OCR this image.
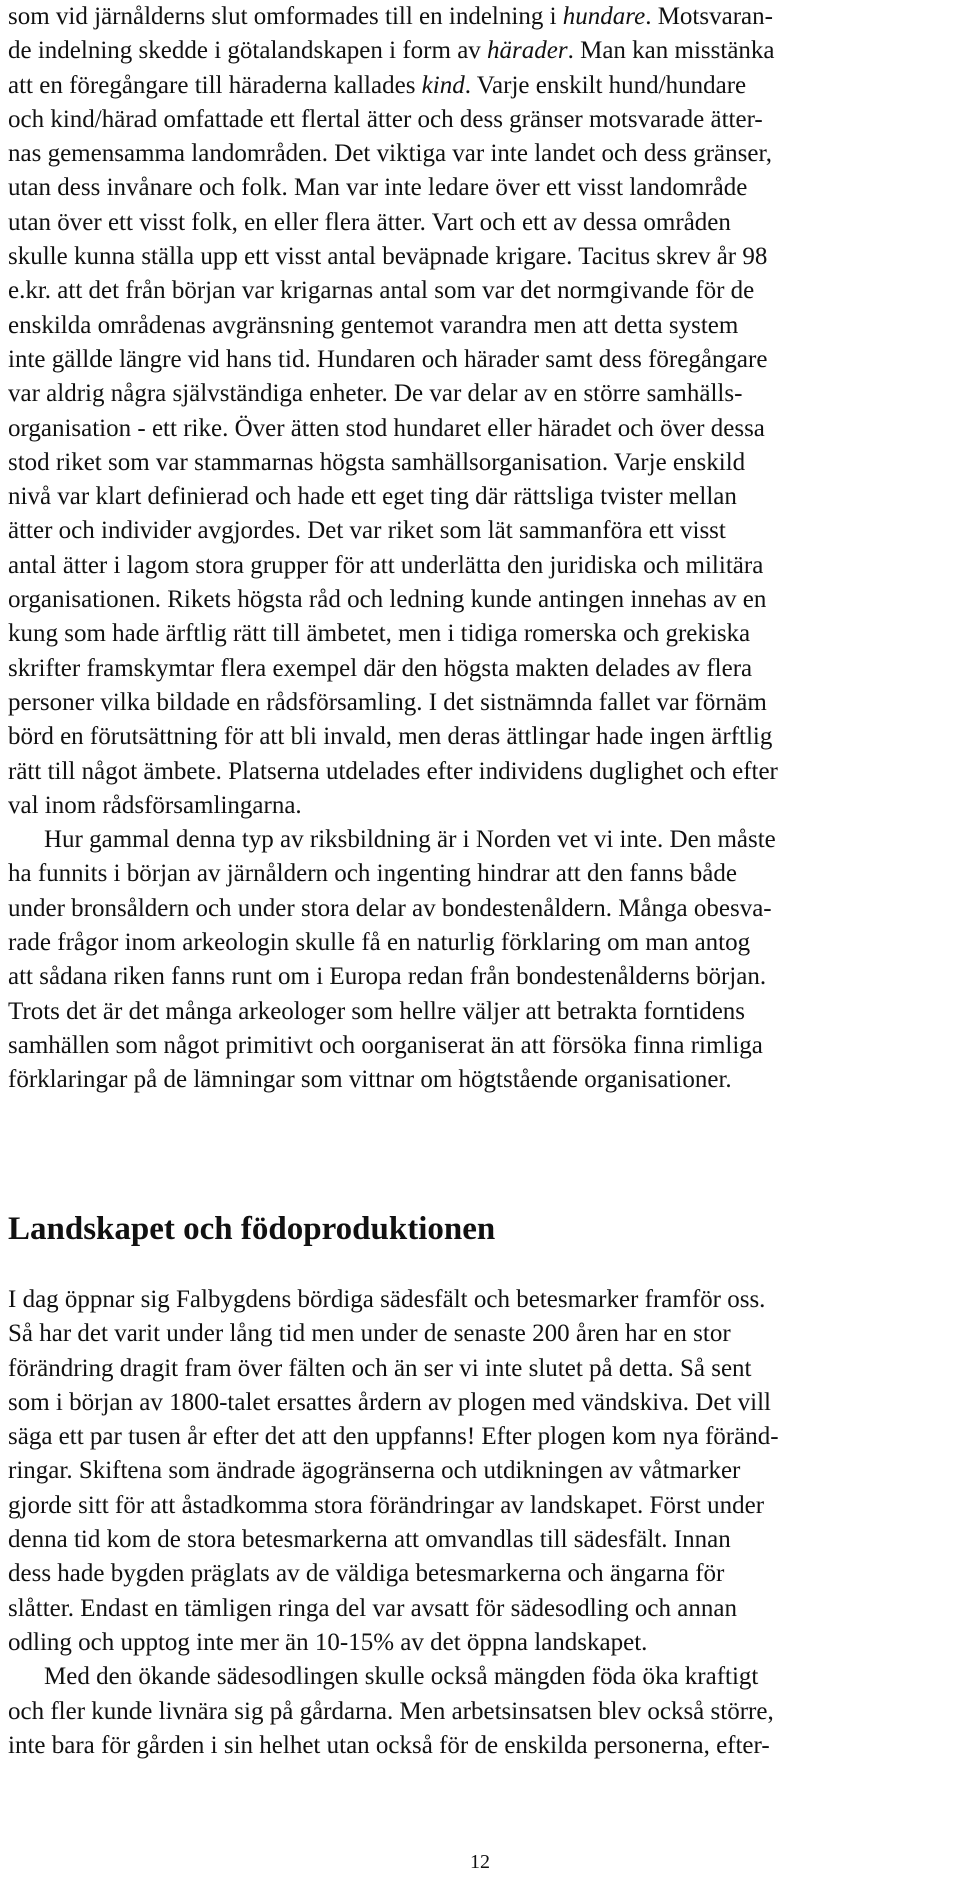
som vid järnålderns slut omformades till en indelning i hundare. Motsvaran-
de indelning skedde i götalandskapen i form av härader. Man kan misstänka
att en föregångare till häraderna kallades kind. Varje enskilt hund/hundare
och kind/härad omfattade ett flertal ätter och dess gränser motsvarade ätter-
nas gemensamma landområden. Det viktiga var inte landet och dess gränser,
utan dess invånare och folk. Man var inte ledare över ett visst landområde
utan över ett visst folk, en eller flera ätter. Vart och ett av dessa områden
skulle kunna ställa upp ett visst antal beväpnade krigare. Tacitus skrev år 98
e.kr. att det från början var krigarnas antal som var det normgivande för de
enskilda områdenas avgränsning gentemot varandra men att detta system
inte gällde längre vid hans tid. Hundaren och härader samt dess föregångare
var aldrig några självständiga enheter. De var delar av en större samhälls-
organisation - ett rike. Över ätten stod hundaret eller häradet och över dessa
stod riket som var stammarnas högsta samhällsorganisation. Varje enskild
nivå var klart definierad och hade ett eget ting där rättsliga tvister mellan
ätter och individer avgjordes. Det var riket som lät sammanföra ett visst
antal ätter i lagom stora grupper för att underlätta den juridiska och militära
organisationen. Rikets högsta råd och ledning kunde antingen innehas av en
kung som hade ärftlig rätt till ämbetet, men i tidiga romerska och grekiska
skrifter framskymtar flera exempel där den högsta makten delades av flera
personer vilka bildade en rådsförsamling. I det sistnämnda fallet var förnäm
börd en förutsättning för att bli invald, men deras ättlingar hade ingen ärftlig
rätt till något ämbete. Platserna utdelades efter individens duglighet och efter
val inom rådsförsamlingarna.
Hur gammal denna typ av riksbildning är i Norden vet vi inte. Den måste
ha funnits i början av järnåldern och ingenting hindrar att den fanns både
under bronsåldern och under stora delar av bondestenåldern. Många obesva-
rade frågor inom arkeologin skulle få en naturlig förklaring om man antog
att sådana riken fanns runt om i Europa redan från bondestenålderns början.
Trots det är det många arkeologer som hellre väljer att betrakta forntidens
samhällen som något primitivt och oorganiserat än att försöka finna rimliga
förklaringar på de lämningar som vittnar om högtstående organisationer.
Landskapet och födoproduktionen
I dag öppnar sig Falbygdens bördiga sädesfält och betesmarker framför oss.
Så har det varit under lång tid men under de senaste 200 åren har en stor
förändring dragit fram över fälten och än ser vi inte slutet på detta. Så sent
som i början av 1800-talet ersattes årdern av plogen med vändskiva. Det vill
säga ett par tusen år efter det att den uppfanns! Efter plogen kom nya föränd-
ringar. Skiftena som ändrade ägogränserna och utdikningen av våtmarker
gjorde sitt för att åstadkomma stora förändringar av landskapet. Först under
denna tid kom de stora betesmarkerna att omvandlas till sädesfält. Innan
dess hade bygden präglats av de väldiga betesmarkerna och ängarna för
slåtter. Endast en tämligen ringa del var avsatt för sädesodling och annan
odling och upptog inte mer än 10-15% av det öppna landskapet.
Med den ökande sädesodlingen skulle också mängden föda öka kraftigt
och fler kunde livnära sig på gårdarna. Men arbetsinsatsen blev också större,
inte bara för gården i sin helhet utan också för de enskilda personerna, efter-
12
